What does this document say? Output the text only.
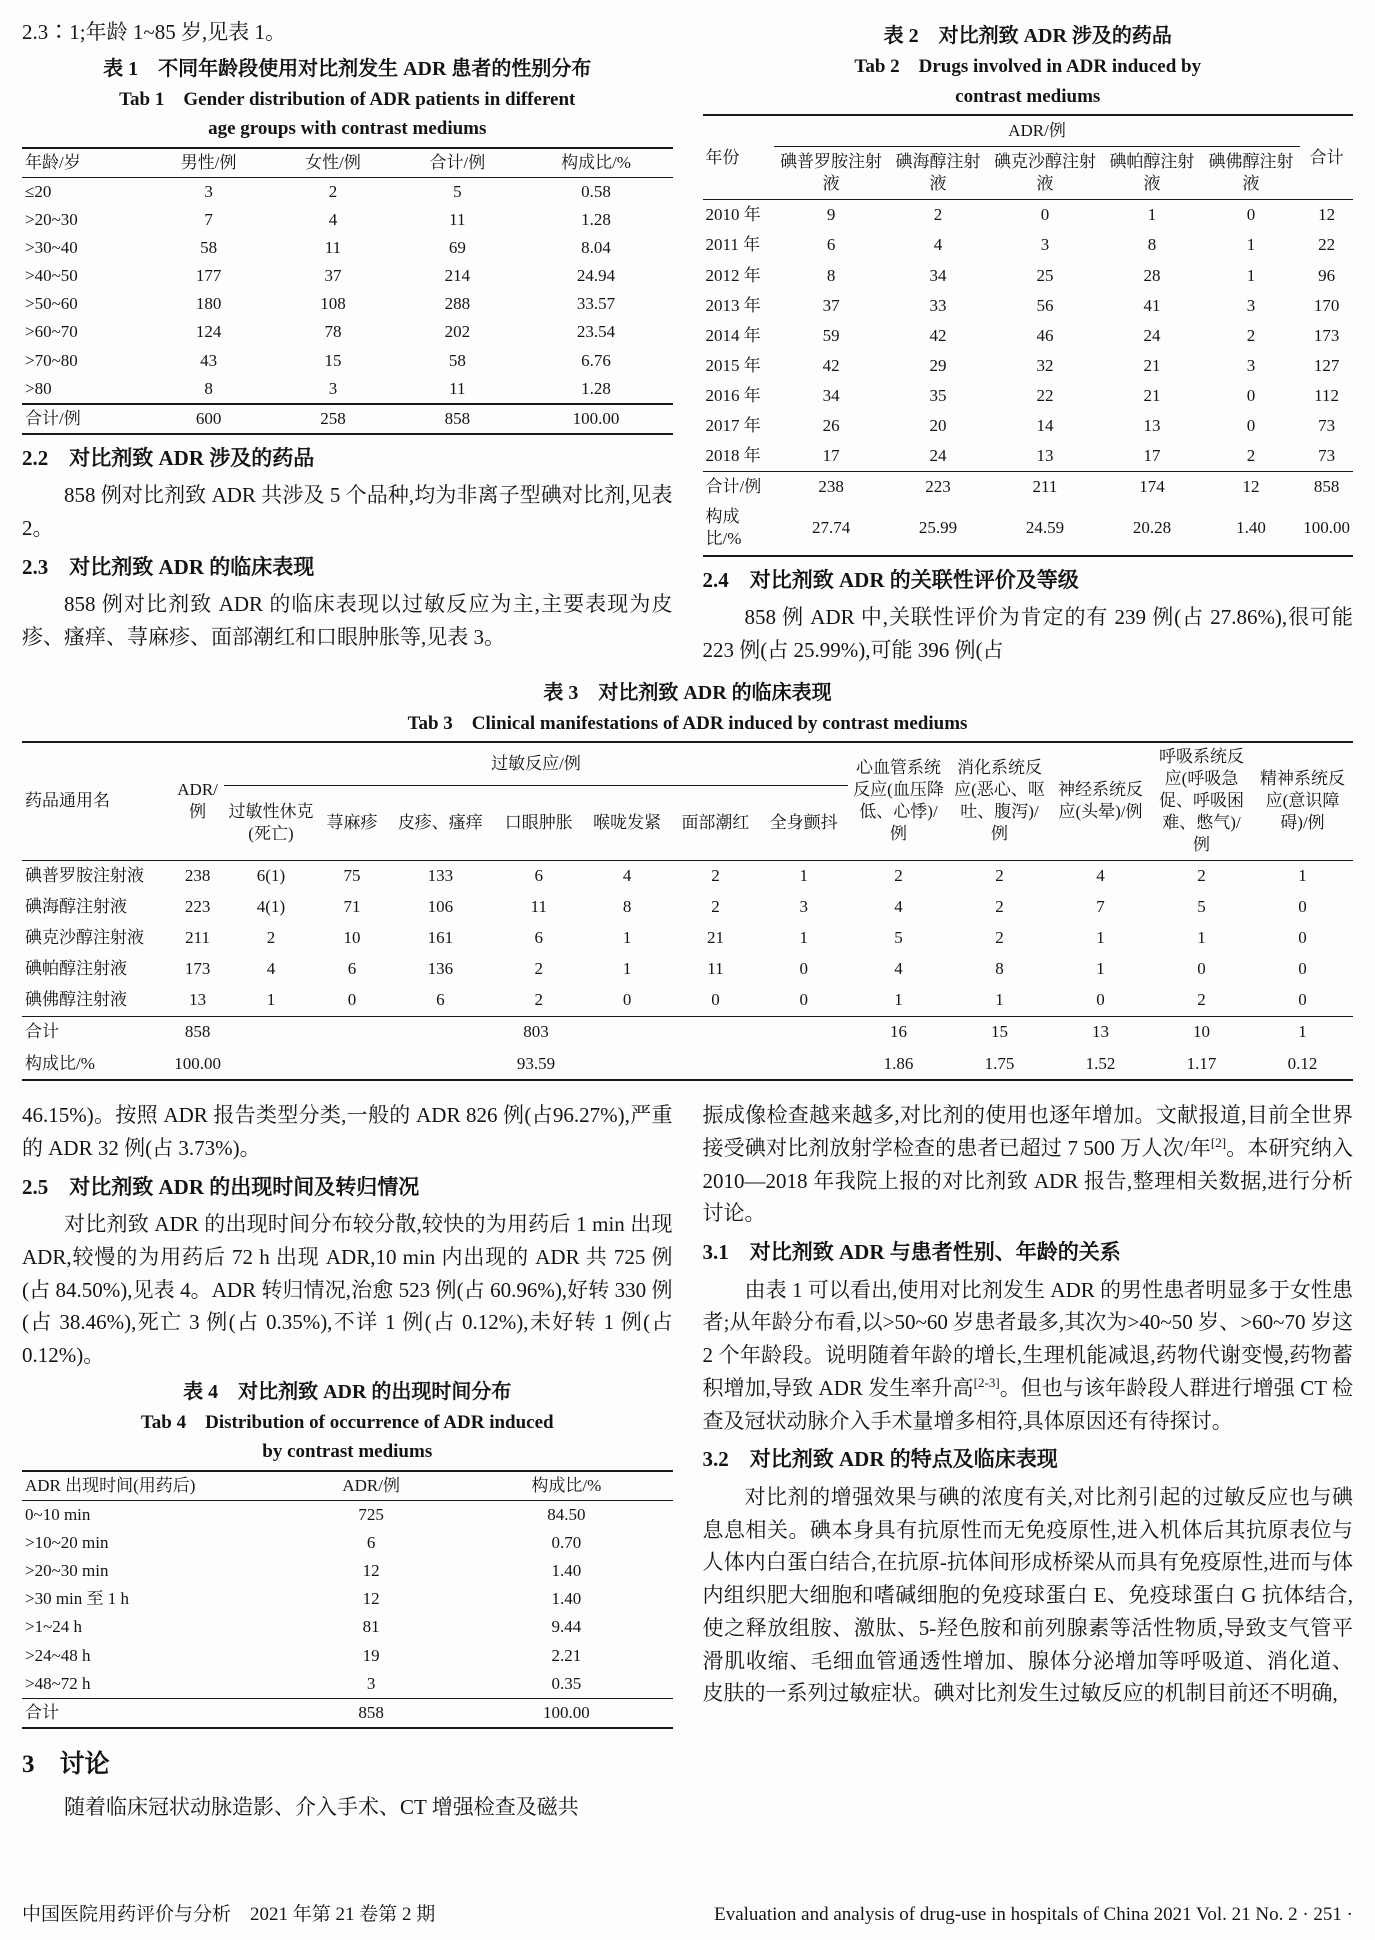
2.3∶1;年龄 1~85 岁,见表 1。

表 1　不同年龄段使用对比剂发生 ADR 患者的性别分布

Tab 1　Gender distribution of ADR patients in different

age groups with contrast mediums

年龄/岁	男性/例	女性/例	合计/例	构成比/%
≤20	3	2	5	0.58
>20~30	7	4	11	1.28
>30~40	58	11	69	8.04
>40~50	177	37	214	24.94
>50~60	180	108	288	33.57
>60~70	124	78	202	23.54
>70~80	43	15	58	6.76
>80	8	3	11	1.28
合计/例	600	258	858	100.00

2.2　对比剂致 ADR 涉及的药品

858 例对比剂致 ADR 共涉及 5 个品种,均为非离子型碘对比剂,见表 2。

2.3　对比剂致 ADR 的临床表现

858 例对比剂致 ADR 的临床表现以过敏反应为主,主要表现为皮疹、瘙痒、荨麻疹、面部潮红和口眼肿胀等,见表 3。

表 2　对比剂致 ADR 涉及的药品

Tab 2　Drugs involved in ADR induced by

contrast mediums

年份	ADR/例					合计
	碘普罗胺注射液	碘海醇注射液	碘克沙醇注射液	碘帕醇注射液	碘佛醇注射液	
2010 年	9	2	0	1	0	12
2011 年	6	4	3	8	1	22
2012 年	8	34	25	28	1	96
2013 年	37	33	56	41	3	170
2014 年	59	42	46	24	2	173
2015 年	42	29	32	21	3	127
2016 年	34	35	22	21	0	112
2017 年	26	20	14	13	0	73
2018 年	17	24	13	17	2	73
合计/例	238	223	211	174	12	858
构成比/%	27.74	25.99	24.59	20.28	1.40	100.00

2.4　对比剂致 ADR 的关联性评价及等级

858 例 ADR 中,关联性评价为肯定的有 239 例(占 27.86%),很可能 223 例(占 25.99%),可能 396 例(占

表 3　对比剂致 ADR 的临床表现

Tab 3　Clinical manifestations of ADR induced by contrast mediums

药品通用名	ADR/例	过敏反应/例							心血管系统反应(血压降低、心悸)/例	消化系统反应(恶心、呕吐、腹泻)/例	神经系统反应(头晕)/例	呼吸系统反应(呼吸急促、呼吸困难、憋气)/例	精神系统反应(意识障碍)/例
		过敏性休克(死亡)	荨麻疹	皮疹、瘙痒	口眼肿胀	喉咙发紧	面部潮红	全身颤抖					
碘普罗胺注射液	238	6(1)	75	133	6	4	2	1	2	2	4	2	1
碘海醇注射液	223	4(1)	71	106	11	8	2	3	4	2	7	5	0
碘克沙醇注射液	211	2	10	161	6	1	21	1	5	2	1	1	0
碘帕醇注射液	173	4	6	136	2	1	11	0	4	8	1	0	0
碘佛醇注射液	13	1	0	6	2	0	0	0	1	1	0	2	0
合计	858	803							16	15	13	10	1
构成比/%	100.00	93.59							1.86	1.75	1.52	1.17	0.12

46.15%)。按照 ADR 报告类型分类,一般的 ADR 826 例(占96.27%),严重的 ADR 32 例(占 3.73%)。

2.5　对比剂致 ADR 的出现时间及转归情况

对比剂致 ADR 的出现时间分布较分散,较快的为用药后 1 min 出现 ADR,较慢的为用药后 72 h 出现 ADR,10 min 内出现的 ADR 共 725 例(占 84.50%),见表 4。ADR 转归情况,治愈 523 例(占 60.96%),好转 330 例(占 38.46%),死亡 3 例(占 0.35%),不详 1 例(占 0.12%),未好转 1 例(占 0.12%)。

表 4　对比剂致 ADR 的出现时间分布

Tab 4　Distribution of occurrence of ADR induced

by contrast mediums

ADR 出现时间(用药后)	ADR/例	构成比/%
0~10 min	725	84.50
>10~20 min	6	0.70
>20~30 min	12	1.40
>30 min 至 1 h	12	1.40
>1~24 h	81	9.44
>24~48 h	19	2.21
>48~72 h	3	0.35
合计	858	100.00

3　讨论

随着临床冠状动脉造影、介入手术、CT 增强检查及磁共

振成像检查越来越多,对比剂的使用也逐年增加。文献报道,目前全世界接受碘对比剂放射学检查的患者已超过 7 500 万人次/年[2]。本研究纳入 2010—2018 年我院上报的对比剂致 ADR 报告,整理相关数据,进行分析讨论。

3.1　对比剂致 ADR 与患者性别、年龄的关系

由表 1 可以看出,使用对比剂发生 ADR 的男性患者明显多于女性患者;从年龄分布看,以>50~60 岁患者最多,其次为>40~50 岁、>60~70 岁这 2 个年龄段。说明随着年龄的增长,生理机能减退,药物代谢变慢,药物蓄积增加,导致 ADR 发生率升高[2-3]。但也与该年龄段人群进行增强 CT 检查及冠状动脉介入手术量增多相符,具体原因还有待探讨。

3.2　对比剂致 ADR 的特点及临床表现

对比剂的增强效果与碘的浓度有关,对比剂引起的过敏反应也与碘息息相关。碘本身具有抗原性而无免疫原性,进入机体后其抗原表位与人体内白蛋白结合,在抗原-抗体间形成桥梁从而具有免疫原性,进而与体内组织肥大细胞和嗜碱细胞的免疫球蛋白 E、免疫球蛋白 G 抗体结合,使之释放组胺、激肽、5-羟色胺和前列腺素等活性物质,导致支气管平滑肌收缩、毛细血管通透性增加、腺体分泌增加等呼吸道、消化道、皮肤的一系列过敏症状。碘对比剂发生过敏反应的机制目前还不明确,

中国医院用药评价与分析　2021 年第 21 卷第 2 期	Evaluation and analysis of drug-use in hospitals of China 2021 Vol. 21 No. 2 · 251 ·
